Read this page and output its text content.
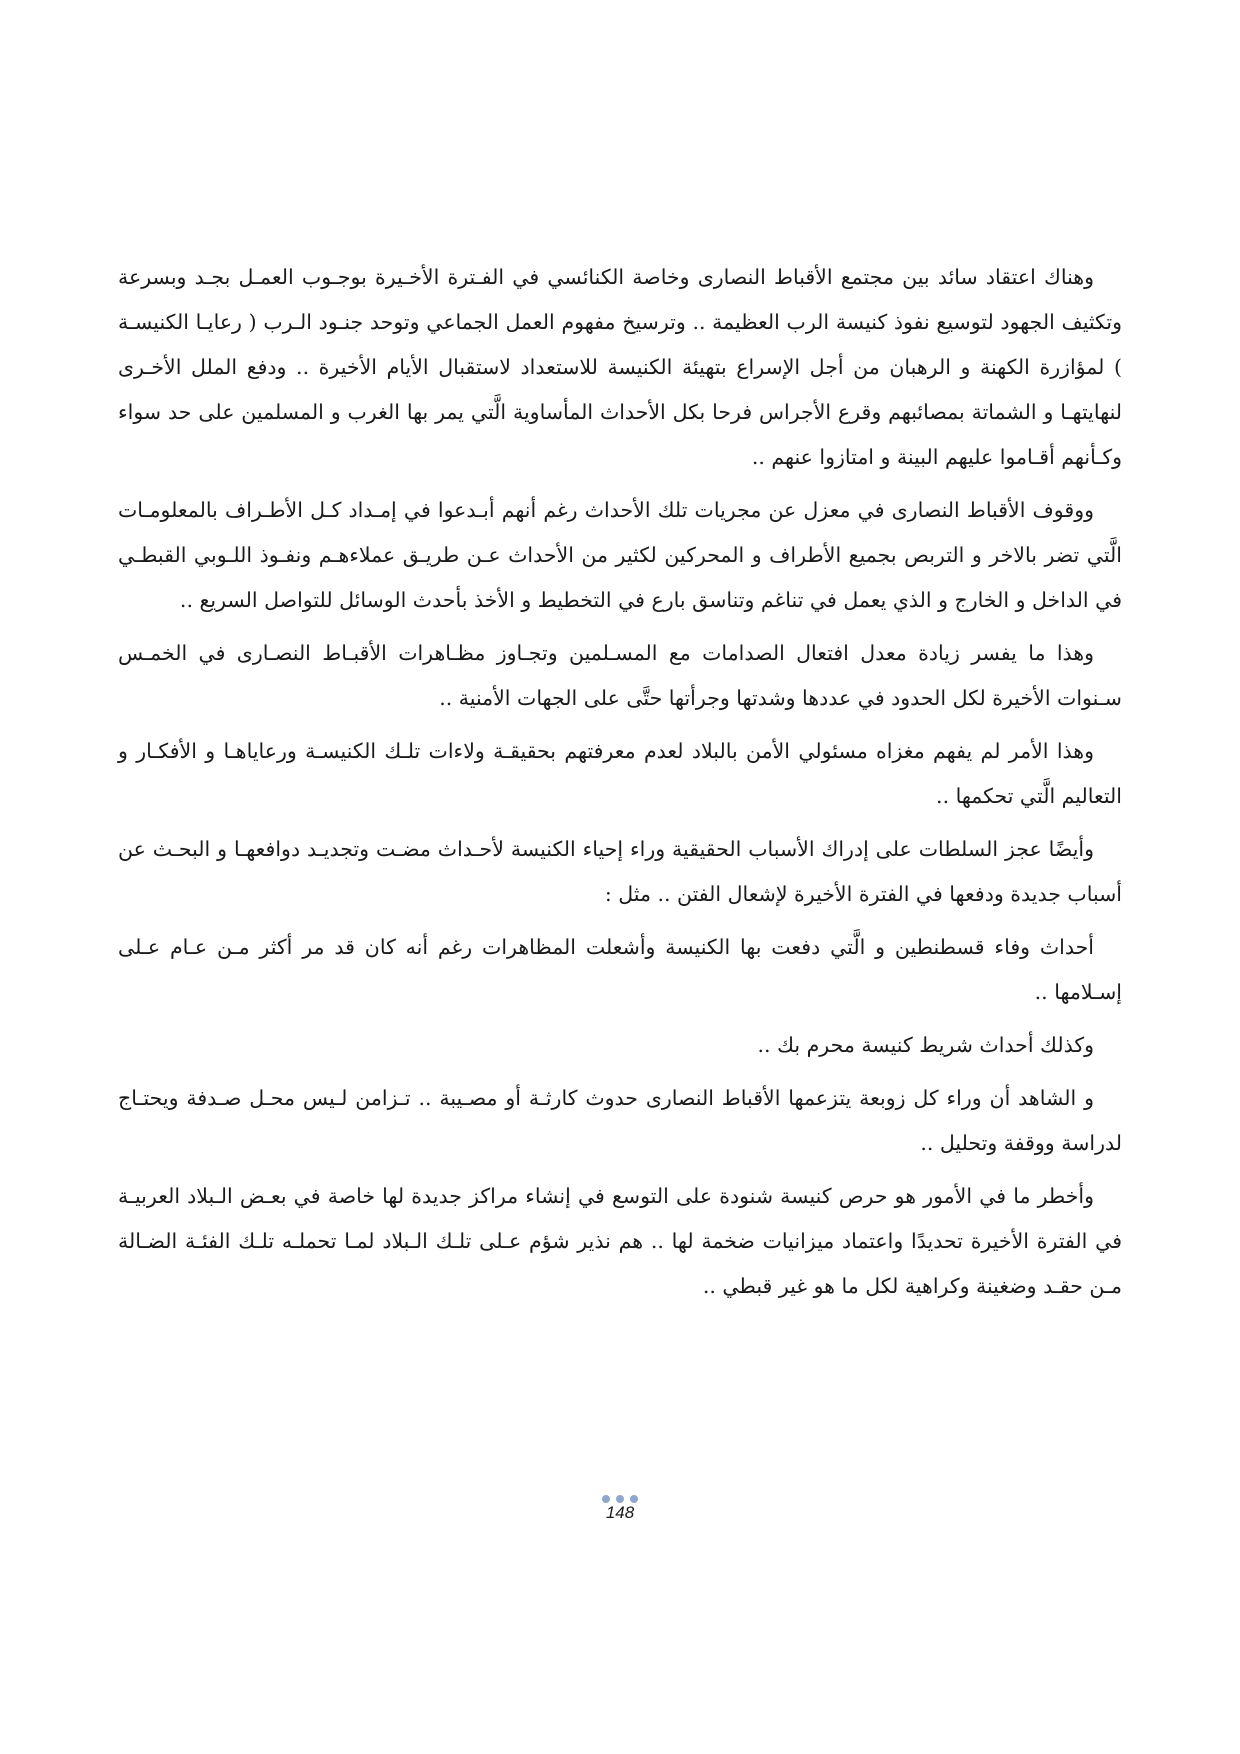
وهناك اعتقاد سائد بين مجتمع الأقباط النصارى وخاصة الكنائسي في الفـترة الأخـيرة بوجـوب العمـل بجـد وبسرعة وتكثيف الجهود لتوسيع نفوذ كنيسة الرب العظيمة .. وترسيخ مفهوم العمل الجماعي وتوحد جنـود الـرب ( رعايـا الكنيسـة ) لمؤازرة الكهنة و الرهبان من أجل الإسراع بتهيئة الكنيسة للاستعداد لاستقبال الأيام الأخيرة .. ودفع الملل الأخـرى لنهايتهـا و الشماتة بمصائبهم وقرع الأجراس فرحا بكل الأحداث المأساوية الَّتي يمر بها الغرب و المسلمين على حد سواء وكـأنهم أقـاموا عليهم البينة و امتازوا عنهم ..

ووقوف الأقباط النصارى في معزل عن مجريات تلك الأحداث رغم أنهم أبـدعوا في إمـداد كـل الأطـراف بالمعلومـات الَّتي تضر بالاخر و التربص بجميع الأطراف و المحركين لكثير من الأحداث عـن طريـق عملاءهـم ونفـوذ اللـوبي القبطـي في الداخل و الخارج و الذي يعمل في تناغم وتناسق بارع في التخطيط و الأخذ بأحدث الوسائل للتواصل السريع ..

وهذا ما يفسر زيادة معدل افتعال الصدامات مع المسـلمين وتجـاوز مظـاهرات الأقبـاط النصـارى في الخمـس سـنوات الأخيرة لكل الحدود في عددها وشدتها وجرأتها حتَّى على الجهات الأمنية ..

وهذا الأمر لم يفهم مغزاه مسئولي الأمن بالبلاد لعدم معرفتهم بحقيقـة ولاءات تلـك الكنيسـة ورعاياهـا و الأفكـار و التعاليم الَّتي تحكمها ..

وأيضًا عجز السلطات على إدراك الأسباب الحقيقية وراء إحياء الكنيسة لأحـداث مضـت وتجديـد دوافعهـا و البحـث عن أسباب جديدة ودفعها في الفترة الأخيرة لإشعال الفتن .. مثل :

أحداث وفاء قسطنطين و الَّتي دفعت بها الكنيسة وأشعلت المظاهرات رغم أنه كان قد مر أكثر مـن عـام عـلى إسـلامها ..

وكذلك أحداث شريط كنيسة محرم بك ..

و الشاهد أن وراء كل زوبعة يتزعمها الأقباط النصارى حدوث كارثـة أو مصـيبة .. تـزامن لـيس محـل صـدفة ويحتـاج لدراسة ووقفة وتحليل ..

وأخطر ما في الأمور هو حرص كنيسة شنودة على التوسع في إنشاء مراكز جديدة لها خاصة في بعـض الـبلاد العربيـة في الفترة الأخيرة تحديدًا واعتماد ميزانيات ضخمة لها .. هم نذير شؤم عـلى تلـك الـبلاد لمـا تحملـه تلـك الفئـة الضـالة مـن حقـد وضغينة وكراهية لكل ما هو غير قبطي ..

148
